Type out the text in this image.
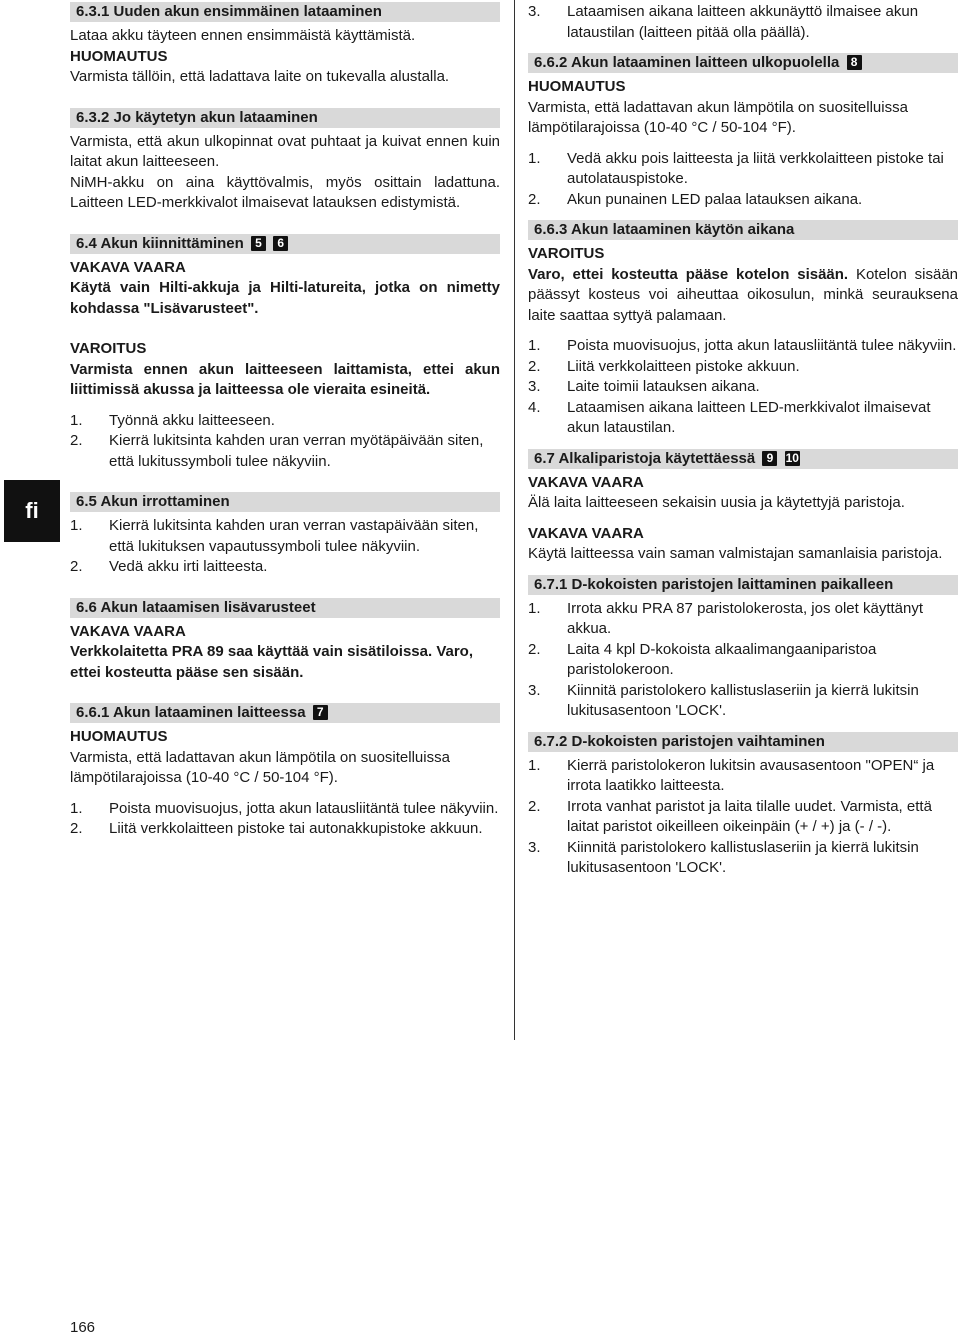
fi
6.3.1 Uuden akun ensimmäinen lataaminen

Lataa akku täyteen ennen ensimmäistä käyttämistä.

HUOMAUTUS

Varmista tällöin, että ladattava laite on tukevalla alustalla.

6.3.2 Jo käytetyn akun lataaminen

Varmista, että akun ulkopinnat ovat puhtaat ja kuivat ennen kuin laitat akun laitteeseen.

NiMH-akku on aina käyttövalmis, myös osittain ladattuna. Laitteen LED-merkkivalot ilmaisevat latauksen edistymistä.

6.4 Akun kiinnittäminen 5 6

VAKAVA VAARA

Käytä vain Hilti-akkuja ja Hilti-latureita, jotka on nimetty kohdassa "Lisävarusteet".

VAROITUS

Varmista ennen akun laitteeseen laittamista, ettei akun liittimissä akussa ja laitteessa ole vieraita esineitä.

1. Työnnä akku laitteeseen.
2. Kierrä lukitsinta kahden uran verran myötäpäivään siten, että lukitussymboli tulee näkyviin.
6.5 Akun irrottaminen
1. Kierrä lukitsinta kahden uran verran vastapäivään siten, että lukituksen vapautussymboli tulee näkyviin.
2. Vedä akku irti laitteesta.
6.6 Akun lataamisen lisävarusteet

VAKAVA VAARA

Verkkolaitetta PRA 89 saa käyttää vain sisätiloissa. Varo, ettei kosteutta pääse sen sisään.

6.6.1 Akun lataaminen laitteessa 7

HUOMAUTUS

Varmista, että ladattavan akun lämpötila on suositelluissa lämpötilarajoissa (10-40 °C / 50-104 °F).

1. Poista muovisuojus, jotta akun latausliitäntä tulee näkyviin.
2. Liitä verkkolaitteen pistoke tai autonakkupistoke akkuun.
3. Lataamisen aikana laitteen akkunäyttö ilmaisee akun lataustilan (laitteen pitää olla päällä).
6.6.2 Akun lataaminen laitteen ulkopuolella 8

HUOMAUTUS

Varmista, että ladattavan akun lämpötila on suositelluissa lämpötilarajoissa (10-40 °C / 50-104 °F).

1. Vedä akku pois laitteesta ja liitä verkkolaitteen pistoke tai autolatauspistoke.
2. Akun punainen LED palaa latauksen aikana.
6.6.3 Akun lataaminen käytön aikana

VAROITUS

Varo, ettei kosteutta pääse kotelon sisään. Kotelon sisään päässyt kosteus voi aiheuttaa oikosulun, minkä seurauksena laite saattaa syttyä palamaan.

1. Poista muovisuojus, jotta akun latausliitäntä tulee näkyviin.
2. Liitä verkkolaitteen pistoke akkuun.
3. Laite toimii latauksen aikana.
4. Lataamisen aikana laitteen LED-merkkivalot ilmaisevat akun lataustilan.
6.7 Alkaliparistoja käytettäessä 9 10

VAKAVA VAARA

Älä laita laitteeseen sekaisin uusia ja käytettyjä paristoja.

VAKAVA VAARA

Käytä laitteessa vain saman valmistajan samanlaisia paristoja.

6.7.1 D-kokoisten paristojen laittaminen paikalleen
1. Irrota akku PRA 87 paristolokerosta, jos olet käyttänyt akkua.
2. Laita 4 kpl D-kokoista alkaalimangaaniparistoa paristolokeroon.
3. Kiinnitä paristolokero kallistuslaseriin ja kierrä lukitsin lukitusasentoon 'LOCK'.
6.7.2 D-kokoisten paristojen vaihtaminen
1. Kierrä paristolokeron lukitsin avausasentoon "OPEN“ ja irrota laatikko laitteesta.
2. Irrota vanhat paristot ja laita tilalle uudet. Varmista, että laitat paristot oikeilleen oikeinpäin (+ / +) ja (- / -).
3. Kiinnitä paristolokero kallistuslaseriin ja kierrä lukitsin lukitusasentoon 'LOCK'.
166
